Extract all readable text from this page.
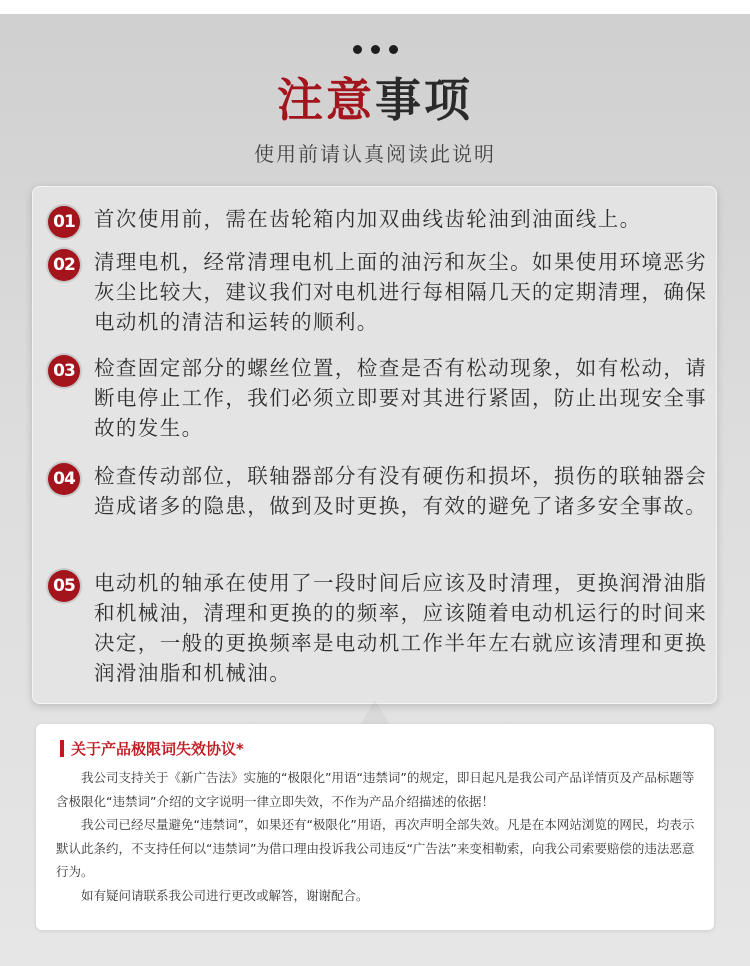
注意事项
使用前请认真阅读此说明
01 首次使用前，需在齿轮箱内加双曲线齿轮油到油面线上。
02 清理电机，经常清理电机上面的油污和灰尘。如果使用环境恶劣灰尘比较大，建议我们对电机进行每相隔几天的定期清理，确保电动机的清洁和运转的顺利。
03 检查固定部分的螺丝位置，检查是否有松动现象，如有松动，请断电停止工作，我们必须立即要对其进行紧固，防止出现安全事故的发生。
04 检查传动部位，联轴器部分有没有硬伤和损坏，损伤的联轴器会造成诸多的隐患，做到及时更换，有效的避免了诸多安全事故。
05 电动机的轴承在使用了一段时间后应该及时清理，更换润滑油脂和机械油，清理和更换的的频率，应该随着电动机运行的时间来决定，一般的更换频率是电动机工作半年左右就应该清理和更换润滑油脂和机械油。
关于产品极限词失效协议*

我公司支持关于《新广告法》实施的“极限化”用语“违禁词”的规定，即日起凡是我公司产品详情页及产品标题等含极限化“违禁词”介绍的文字说明一律立即失效，不作为产品介绍描述的依据！

我公司已经尽量避免“违禁词”，如果还有“极限化”用语，再次声明全部失效。凡是在本网站浏览的网民，均表示默认此条约，不支持任何以“违禁词”为借口理由投诉我公司违反“广告法”来变相勒索，向我公司索要赔偿的违法恶意行为。

如有疑问请联系我公司进行更改或解答，谢谢配合。
